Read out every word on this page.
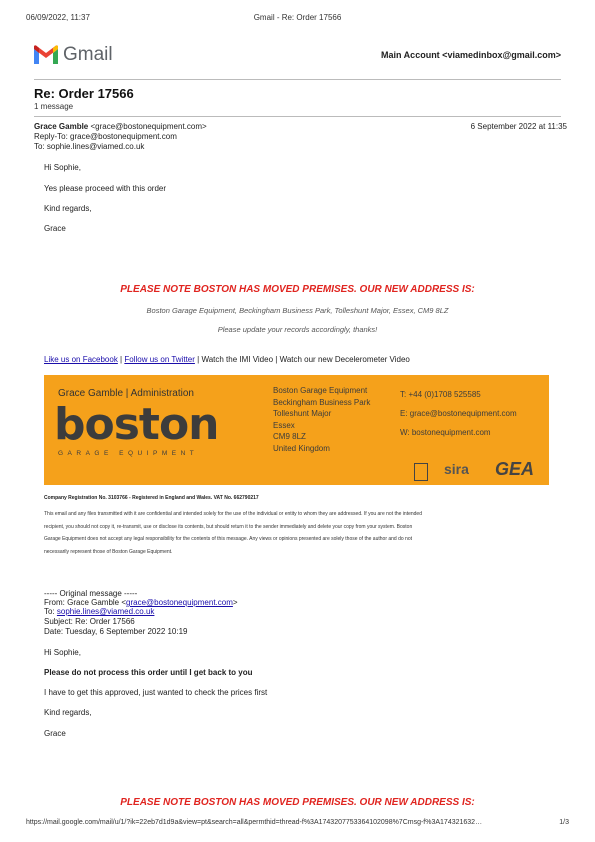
06/09/2022, 11:37	Gmail - Re: Order 17566
Gmail	Main Account <viamedinbox@gmail.com>
Re: Order 17566
1 message
Grace Gamble <grace@bostonequipment.com>	6 September 2022 at 11:35
Reply-To: grace@bostonequipment.com
To: sophie.lines@viamed.co.uk
Hi Sophie,
Yes please proceed with this order
Kind regards,
Grace
PLEASE NOTE BOSTON HAS MOVED PREMISES. OUR NEW ADDRESS IS:
Boston Garage Equipment, Beckingham Business Park, Tolleshunt Major, Essex, CM9 8LZ
Please update your records accordingly, thanks!
Like us on Facebook | Follow us on Twitter | Watch the IMI Video | Watch our new Decelerometer Video
Grace Gamble | Administration
boston
GARAGE EQUIPMENT
Boston Garage Equipment
Beckingham Business Park
Tolleshunt Major
Essex
CM9 8LZ
United Kingdom
T: +44 (0)1708 525585
E: grace@bostonequipment.com
W: bostonequipment.com
sira GEA
Company Registration No. 3103766 - Registered in England and Wales. VAT No. 662790217
This email and any files transmitted with it are confidential and intended solely for the use of the individual or entity to whom they are addressed. If you are not the intended
recipient, you should not copy it, re-transmit, use or disclose its contents, but should return it to the sender immediately and delete your copy from your system. Boston
Garage Equipment does not accept any legal responsibility for the contents of this message. Any views or opinions presented are solely those of the author and do not
necessarily represent those of Boston Garage Equipment.
----- Original message -----
From: Grace Gamble <grace@bostonequipment.com>
To: sophie.lines@viamed.co.uk
Subject: Re: Order 17566
Date: Tuesday, 6 September 2022 10:19
Hi Sophie,
Please do not process this order until I get back to you
I have to get this approved, just wanted to check the prices first
Kind regards,
Grace
PLEASE NOTE BOSTON HAS MOVED PREMISES. OUR NEW ADDRESS IS:
https://mail.google.com/mail/u/1/?ik=22eb7d1d9a&view=pt&search=all&permthid=thread-f%3A1743207753364102098%7Cmsg-f%3A174321632…	1/3
